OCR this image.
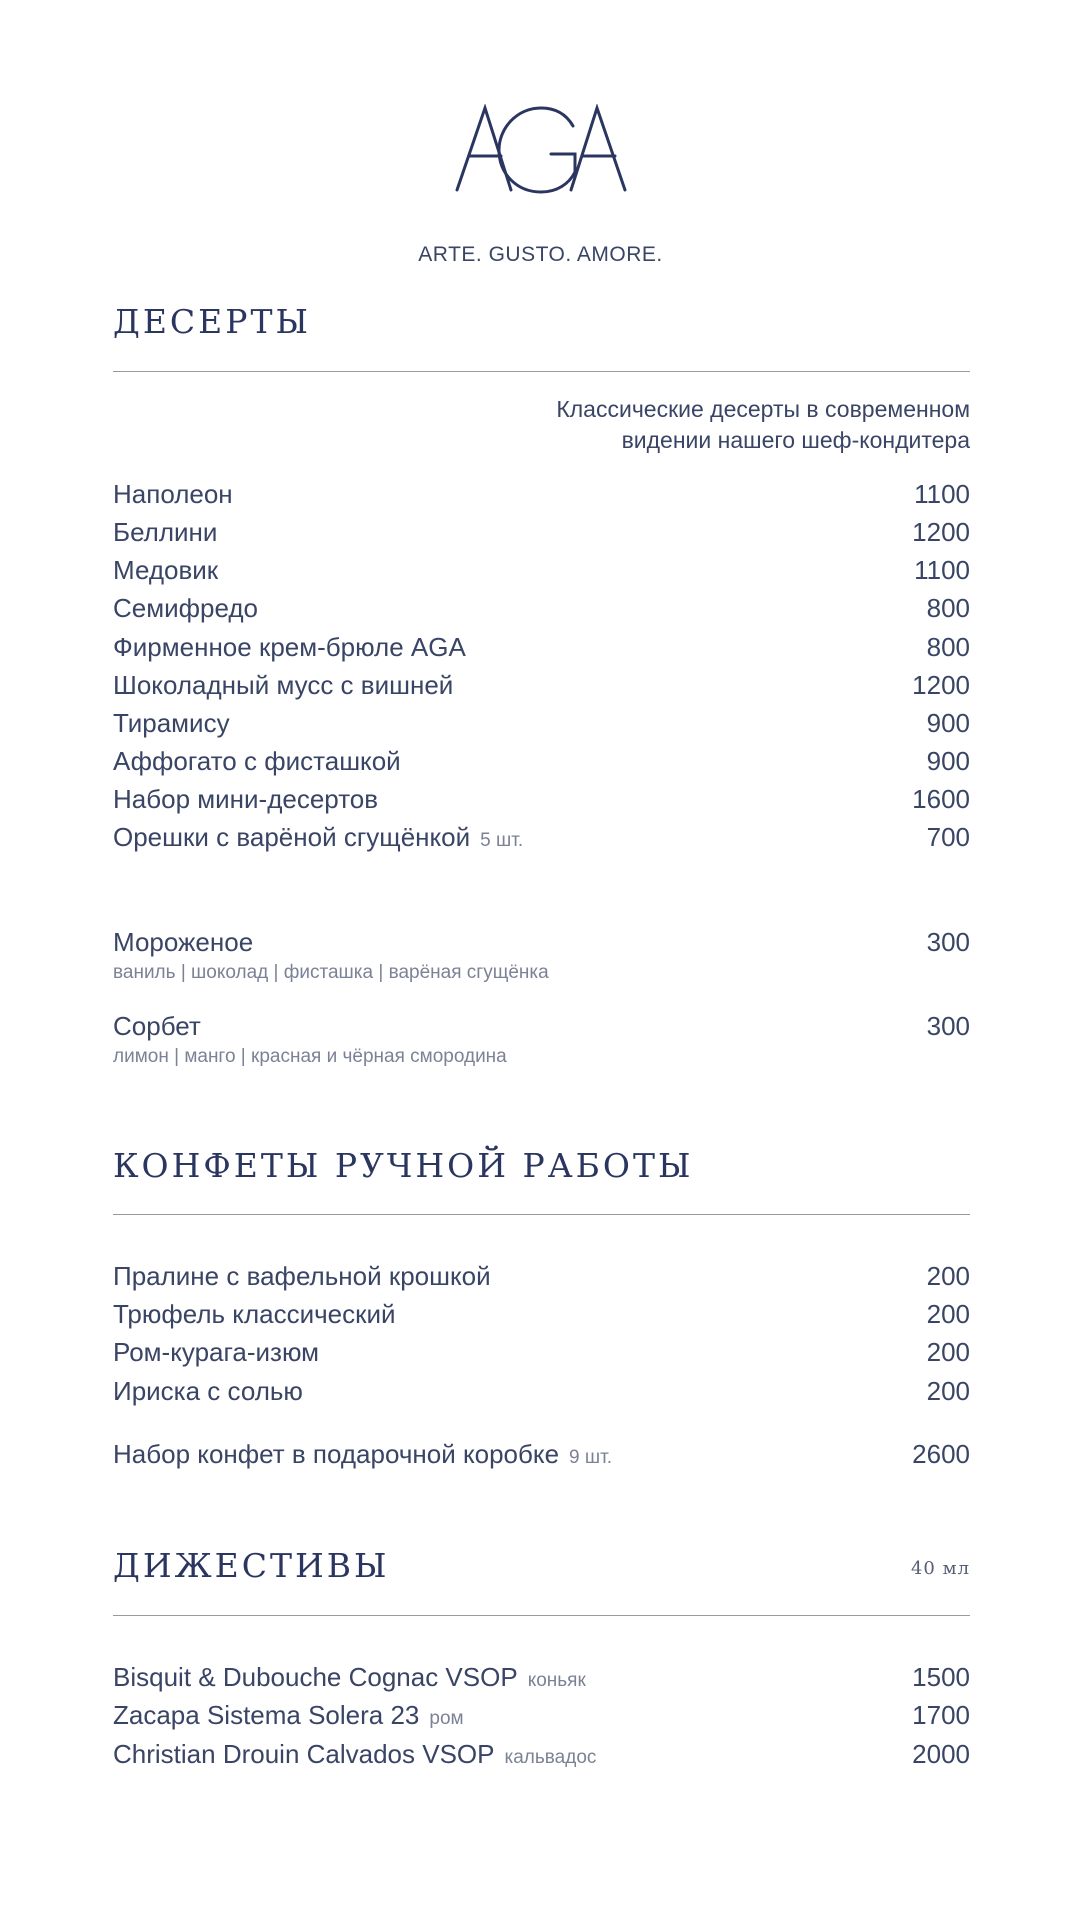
ARTE. GUSTO. AMORE.
ДЕСЕРТЫ
Классические десерты в современном
видении нашего шеф-кондитера
Наполеон	1100
Беллини	1200
Медовик	1100
Семифредо	800
Фирменное крем-брюле AGA	800
Шоколадный мусс с вишней	1200
Тирамису	900
Аффогато с фисташкой	900
Набор мини-десертов	1600
Орешки с варёной сгущёнкой 5 шт.	700
Мороженое	300
ваниль | шоколад | фисташка | варёная сгущёнка
Сорбет	300
лимон | манго | красная и чёрная смородина
КОНФЕТЫ РУЧНОЙ РАБОТЫ
Пралине с вафельной крошкой	200
Трюфель классический	200
Ром-курага-изюм	200
Ириска с солью	200
Набор конфет в подарочной коробке 9 шт.	2600
ДИЖЕСТИВЫ	40 мл
Bisquit & Dubouche Cognac VSOP коньяк	1500
Zacapa Sistema Solera 23 ром	1700
Christian Drouin Calvados VSOP кальвадос	2000
